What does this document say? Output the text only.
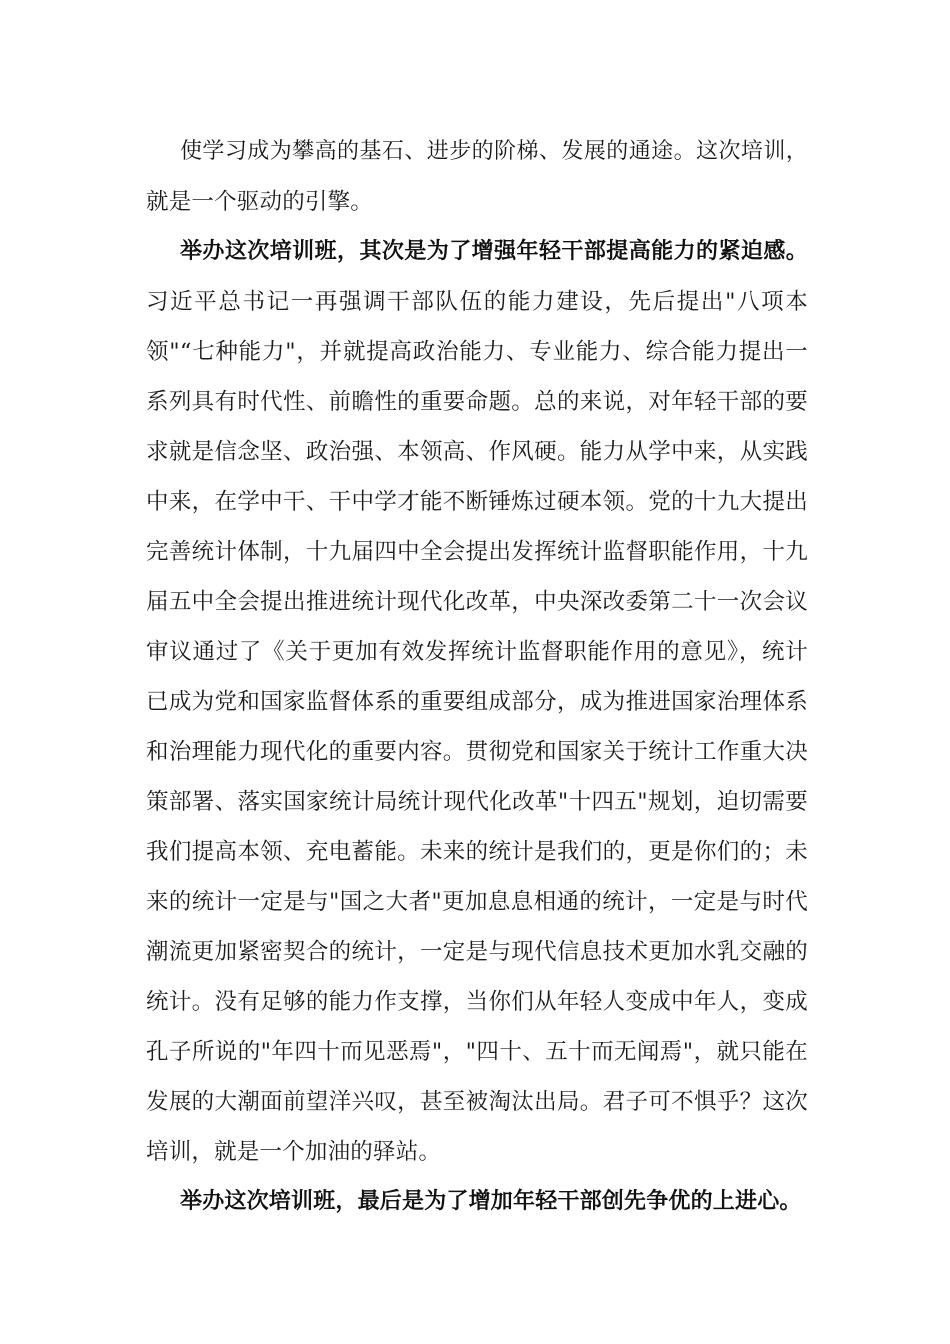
使学习成为攀高的基石、进步的阶梯、发展的通途。这次培训，
就是一个驱动的引擎。
举办这次培训班，其次是为了增强年轻干部提高能力的紧迫感。
习近平总书记一再强调干部队伍的能力建设，先后提出"八项本
领"“七种能力"，并就提高政治能力、专业能力、综合能力提出一
系列具有时代性、前瞻性的重要命题。总的来说，对年轻干部的要
求就是信念坚、政治强、本领高、作风硬。能力从学中来，从实践
中来，在学中干、干中学才能不断锤炼过硬本领。党的十九大提出
完善统计体制，十九届四中全会提出发挥统计监督职能作用，十九
届五中全会提出推进统计现代化改革，中央深改委第二十一次会议
审议通过了《关于更加有效发挥统计监督职能作用的意见》，统计
已成为党和国家监督体系的重要组成部分，成为推进国家治理体系
和治理能力现代化的重要内容。贯彻党和国家关于统计工作重大决
策部署、落实国家统计局统计现代化改革"十四五"规划，迫切需要
我们提高本领、充电蓄能。未来的统计是我们的，更是你们的；未
来的统计一定是与"国之大者"更加息息相通的统计，一定是与时代
潮流更加紧密契合的统计，一定是与现代信息技术更加水乳交融的
统计。没有足够的能力作支撑，当你们从年轻人变成中年人，变成
孔子所说的"年四十而见恶焉"，"四十、五十而无闻焉"，就只能在
发展的大潮面前望洋兴叹，甚至被淘汰出局。君子可不惧乎？这次
培训，就是一个加油的驿站。
举办这次培训班，最后是为了增加年轻干部创先争优的上进心。
